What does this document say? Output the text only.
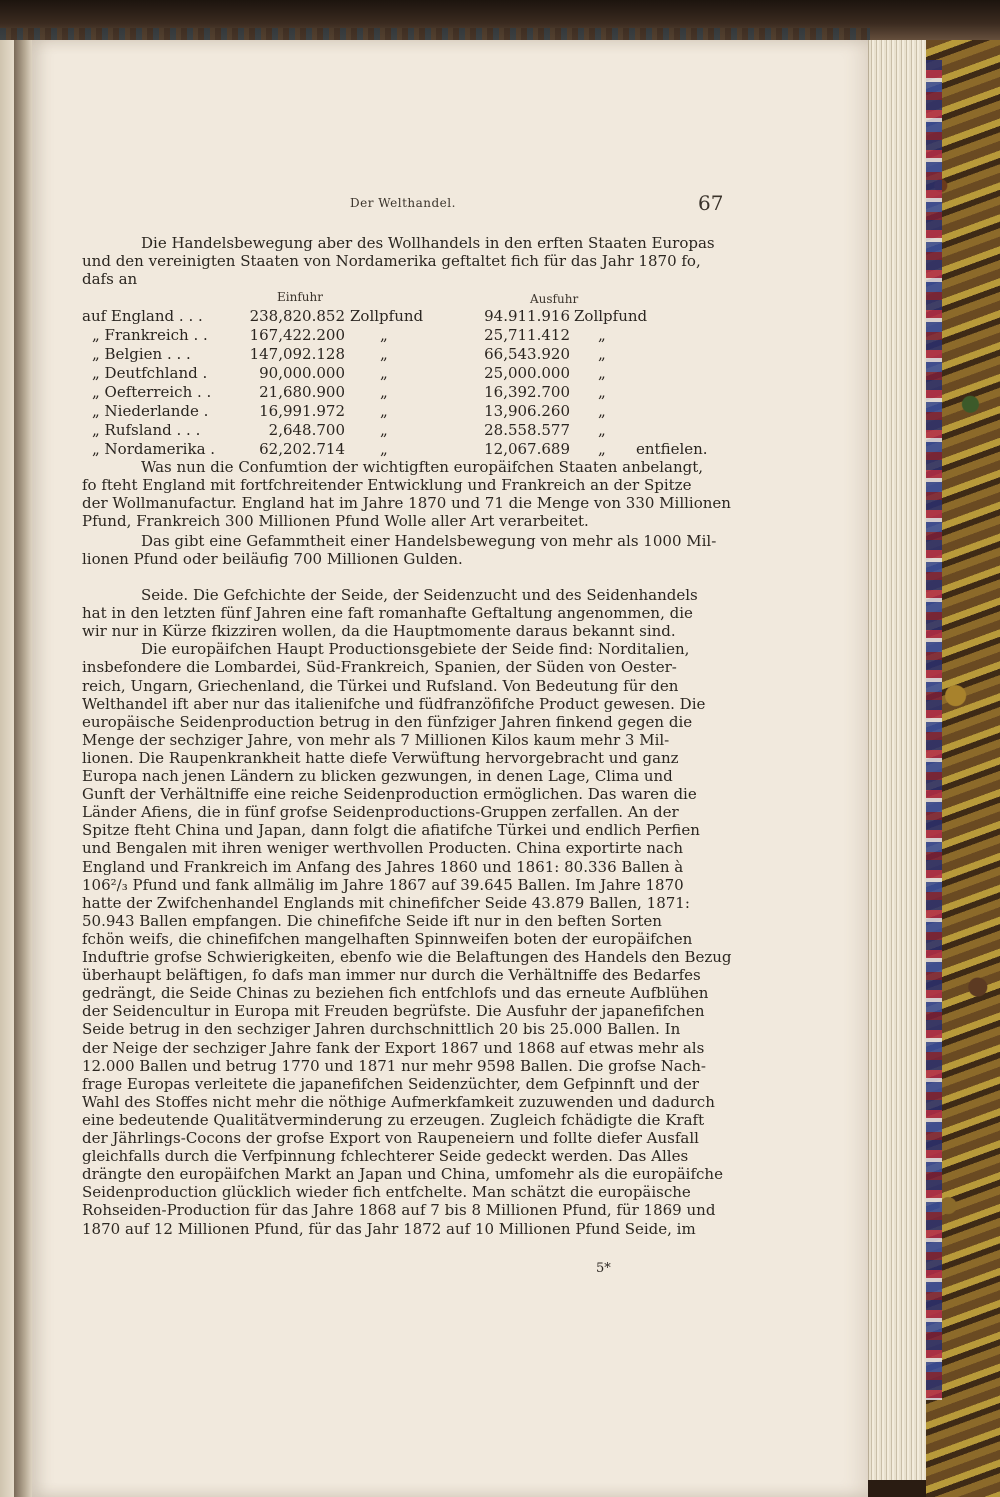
Der Welthandel.	67
Die Handelsbewegung aber des Wollhandels in den erften Staaten Europas
und den vereinigten Staaten von Nordamerika geftaltet fich für das Jahr 1870 fo,
dafs an
Einfuhr	Ausfuhr
auf England . . .	238,820.852 Zollpfund	94.911.916 Zollpfund
„ Frankreich . .	167,422.200 „	25,711.412 „
„ Belgien . . .	147,092.128 „	66,543.920 „
„ Deutfchland .	90,000.000 „	25,000.000 „
„ Oefterreich . .	21,680.900 „	16,392.700 „
„ Niederlande .	16,991.972 „	13,906.260 „
„ Rufsland . . .	2,648.700 „	28.558.577 „
„ Nordamerika .	62,202.714 „	12,067.689 „ entfielen.
Was nun die Confumtion der wichtigften europäifchen Staaten anbelangt,
fo fteht England mit fortfchreitender Entwicklung und Frankreich an der Spitze
der Wollmanufactur. England hat im Jahre 1870 und 71 die Menge von 330 Millionen
Pfund, Frankreich 300 Millionen Pfund Wolle aller Art verarbeitet.
Das gibt eine Gefammtheit einer Handelsbewegung von mehr als 1000 Mil-
lionen Pfund oder beiläufig 700 Millionen Gulden.
Seide. Die Gefchichte der Seide, der Seidenzucht und des Seidenhandels
hat in den letzten fünf Jahren eine faft romanhafte Geftaltung angenommen, die
wir nur in Kürze fkizziren wollen, da die Hauptmomente daraus bekannt sind.
Die europäifchen Haupt Productionsgebiete der Seide find: Norditalien,
insbefondere die Lombardei, Süd-Frankreich, Spanien, der Süden von Oester-
reich, Ungarn, Griechenland, die Türkei und Rufsland. Von Bedeutung für den
Welthandel ift aber nur das italienifche und füdfranzöfifche Product gewesen. Die
europäische Seidenproduction betrug in den fünfziger Jahren finkend gegen die
Menge der sechziger Jahre, von mehr als 7 Millionen Kilos kaum mehr 3 Mil-
lionen. Die Raupenkrankheit hatte diefe Verwüftung hervorgebracht und ganz
Europa nach jenen Ländern zu blicken gezwungen, in denen Lage, Clima und
Gunft der Verhältniffe eine reiche Seidenproduction ermöglichen. Das waren die
Länder Afiens, die in fünf grofse Seidenproductions-Gruppen zerfallen. An der
Spitze fteht China und Japan, dann folgt die afiatifche Türkei und endlich Perfien
und Bengalen mit ihren weniger werthvollen Producten. China exportirte nach
England und Frankreich im Anfang des Jahres 1860 und 1861: 80.336 Ballen à
106²/₃ Pfund und fank allmälig im Jahre 1867 auf 39.645 Ballen. Im Jahre 1870
hatte der Zwifchenhandel Englands mit chinefifcher Seide 43.879 Ballen, 1871:
50.943 Ballen empfangen. Die chinefifche Seide ift nur in den beften Sorten
fchön weifs, die chinefifchen mangelhaften Spinnweifen boten der europäifchen
Induftrie grofse Schwierigkeiten, ebenfo wie die Belaftungen des Handels den Bezug
überhaupt beläftigen, fo dafs man immer nur durch die Verhältniffe des Bedarfes
gedrängt, die Seide Chinas zu beziehen fich entfchlofs und das erneute Aufblühen
der Seidencultur in Europa mit Freuden begrüfste. Die Ausfuhr der japanefifchen
Seide betrug in den sechziger Jahren durchschnittlich 20 bis 25.000 Ballen. In
der Neige der sechziger Jahre fank der Export 1867 und 1868 auf etwas mehr als
12.000 Ballen und betrug 1770 und 1871 nur mehr 9598 Ballen. Die grofse Nach-
frage Europas verleitete die japanefifchen Seidenzüchter, dem Gefpinnft und der
Wahl des Stoffes nicht mehr die nöthige Aufmerkfamkeit zuzuwenden und dadurch
eine bedeutende Qualitätverminderung zu erzeugen. Zugleich fchädigte die Kraft
der Jährlings-Cocons der grofse Export von Raupeneiern und follte diefer Ausfall
gleichfalls durch die Verfpinnung fchlechterer Seide gedeckt werden. Das Alles
drängte den europäifchen Markt an Japan und China, umfomehr als die europäifche
Seidenproduction glücklich wieder fich entfchelte. Man schätzt die europäische
Rohseiden-Production für das Jahre 1868 auf 7 bis 8 Millionen Pfund, für 1869 und
1870 auf 12 Millionen Pfund, für das Jahr 1872 auf 10 Millionen Pfund Seide, im
5*
